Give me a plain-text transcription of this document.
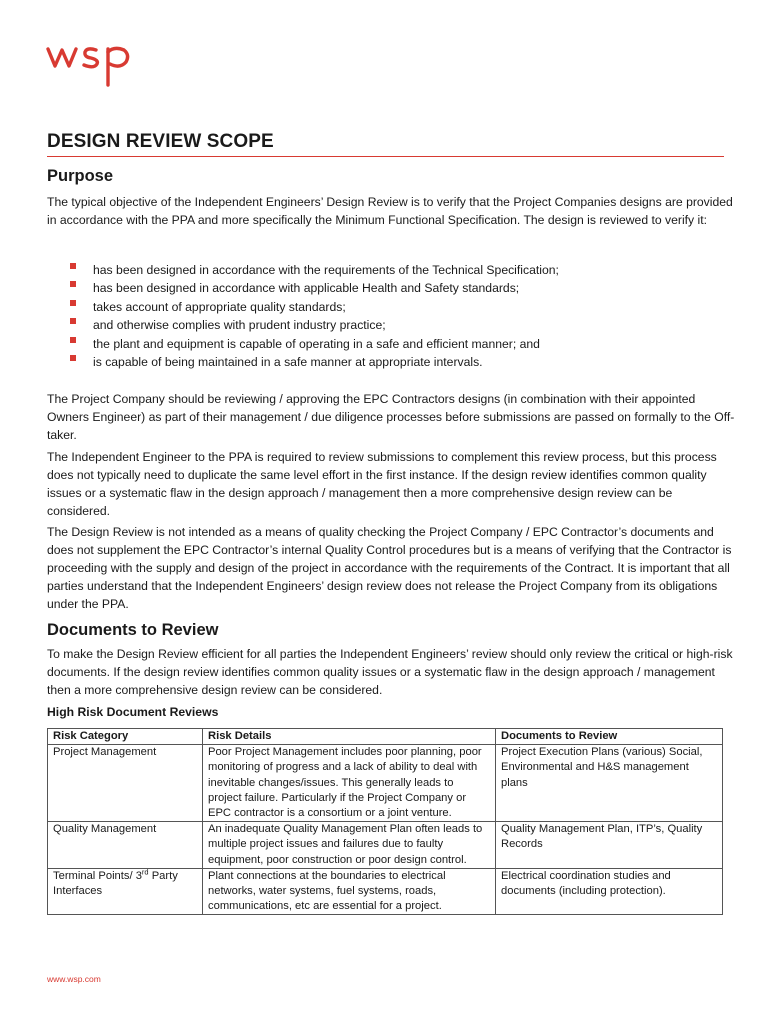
DESIGN REVIEW SCOPE
Purpose

The typical objective of the Independent Engineers’ Design Review is to verify that the Project Companies designs are provided in accordance with the PPA and more specifically the Minimum Functional Specification. The design is reviewed to verify it:

has been designed in accordance with the requirements of the Technical Specification;
has been designed in accordance with applicable Health and Safety standards;
takes account of appropriate quality standards;
and otherwise complies with prudent industry practice;
the plant and equipment is capable of operating in a safe and efficient manner; and
is capable of being maintained in a safe manner at appropriate intervals.

The Project Company should be reviewing / approving the EPC Contractors designs (in combination with their appointed Owners Engineer) as part of their management / due diligence processes before submissions are passed on formally to the Off-taker.

The Independent Engineer to the PPA is required to review submissions to complement this review process, but this process does not typically need to duplicate the same level effort in the first instance. If the design review identifies common quality issues or a systematic flaw in the design approach / management then a more comprehensive design review can be considered.

The Design Review is not intended as a means of quality checking the Project Company / EPC Contractor’s documents and does not supplement the EPC Contractor’s internal Quality Control procedures but is a means of verifying that the Contractor is proceeding with the supply and design of the project in accordance with the requirements of the Contract. It is important that all parties understand that the Independent Engineers’ design review does not release the Project Company from its obligations under the PPA.

Documents to Review

To make the Design Review efficient for all parties the Independent Engineers’ review should only review the critical or high-risk documents. If the design review identifies common quality issues or a systematic flaw in the design approach / management then a more comprehensive design review can be considered.

High Risk Document Reviews

Risk Category	Risk Details	Documents to Review
Project Management	Poor Project Management includes poor planning, poor monitoring of progress and a lack of ability to deal with inevitable changes/issues. This generally leads to project failure. Particularly if the Project Company or EPC contractor is a consortium or a joint venture.	Project Execution Plans (various) Social, Environmental and H&S management plans
Quality Management	An inadequate Quality Management Plan often leads to multiple project issues and failures due to faulty equipment, poor construction or poor design control.	Quality Management Plan, ITP’s, Quality Records
Terminal Points/ 3rd Party Interfaces	Plant connections at the boundaries to electrical networks, water systems, fuel systems, roads, communications, etc are essential for a project.	Electrical coordination studies and documents (including protection).
www.wsp.com
